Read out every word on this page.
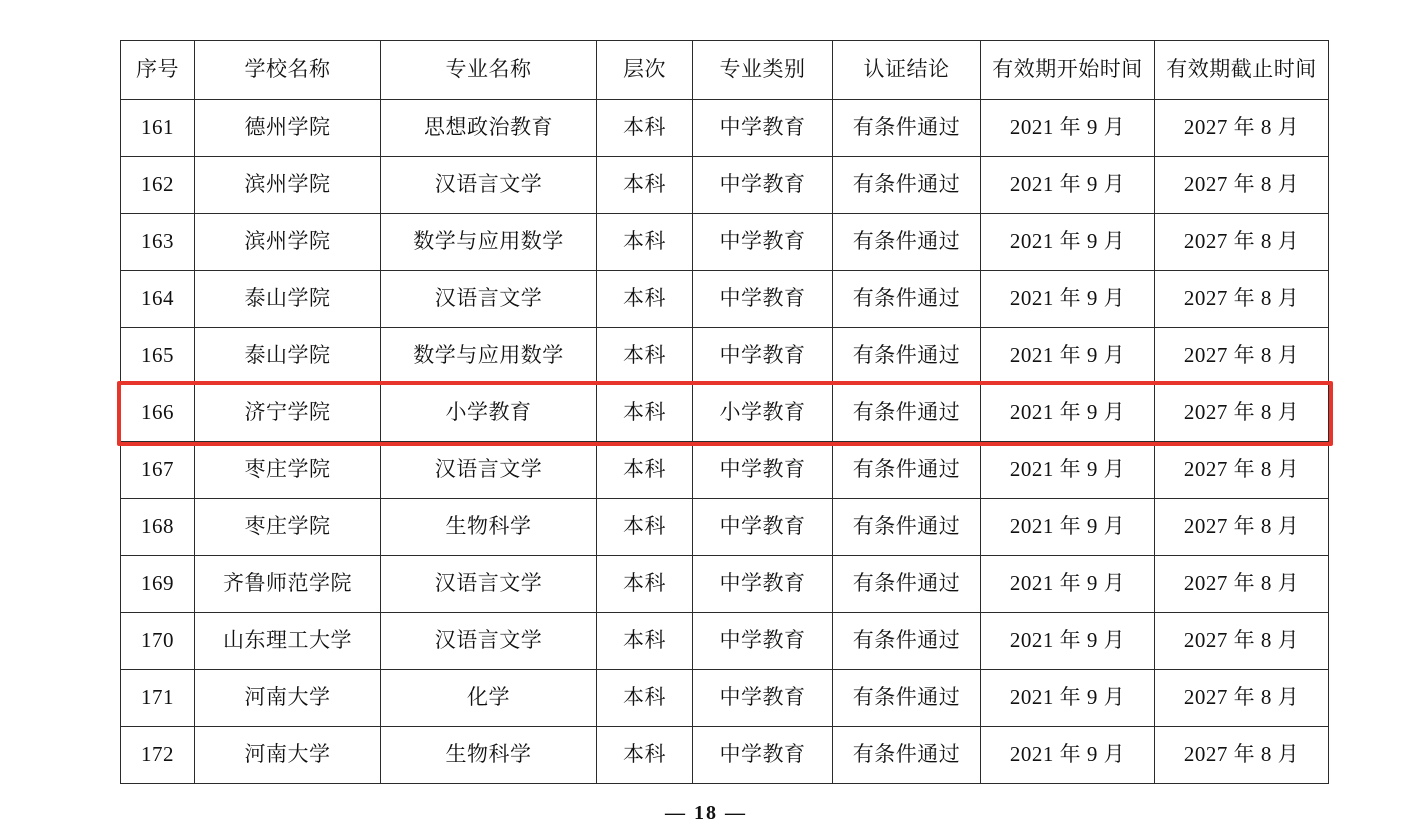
序号	学校名称	专业名称	层次	专业类别	认证结论	有效期开始时间	有效期截止时间
161	德州学院	思想政治教育	本科	中学教育	有条件通过	2021 年 9 月	2027 年 8 月
162	滨州学院	汉语言文学	本科	中学教育	有条件通过	2021 年 9 月	2027 年 8 月
163	滨州学院	数学与应用数学	本科	中学教育	有条件通过	2021 年 9 月	2027 年 8 月
164	泰山学院	汉语言文学	本科	中学教育	有条件通过	2021 年 9 月	2027 年 8 月
165	泰山学院	数学与应用数学	本科	中学教育	有条件通过	2021 年 9 月	2027 年 8 月
166	济宁学院	小学教育	本科	小学教育	有条件通过	2021 年 9 月	2027 年 8 月
167	枣庄学院	汉语言文学	本科	中学教育	有条件通过	2021 年 9 月	2027 年 8 月
168	枣庄学院	生物科学	本科	中学教育	有条件通过	2021 年 9 月	2027 年 8 月
169	齐鲁师范学院	汉语言文学	本科	中学教育	有条件通过	2021 年 9 月	2027 年 8 月
170	山东理工大学	汉语言文学	本科	中学教育	有条件通过	2021 年 9 月	2027 年 8 月
171	河南大学	化学	本科	中学教育	有条件通过	2021 年 9 月	2027 年 8 月
172	河南大学	生物科学	本科	中学教育	有条件通过	2021 年 9 月	2027 年 8 月
— 18 —
